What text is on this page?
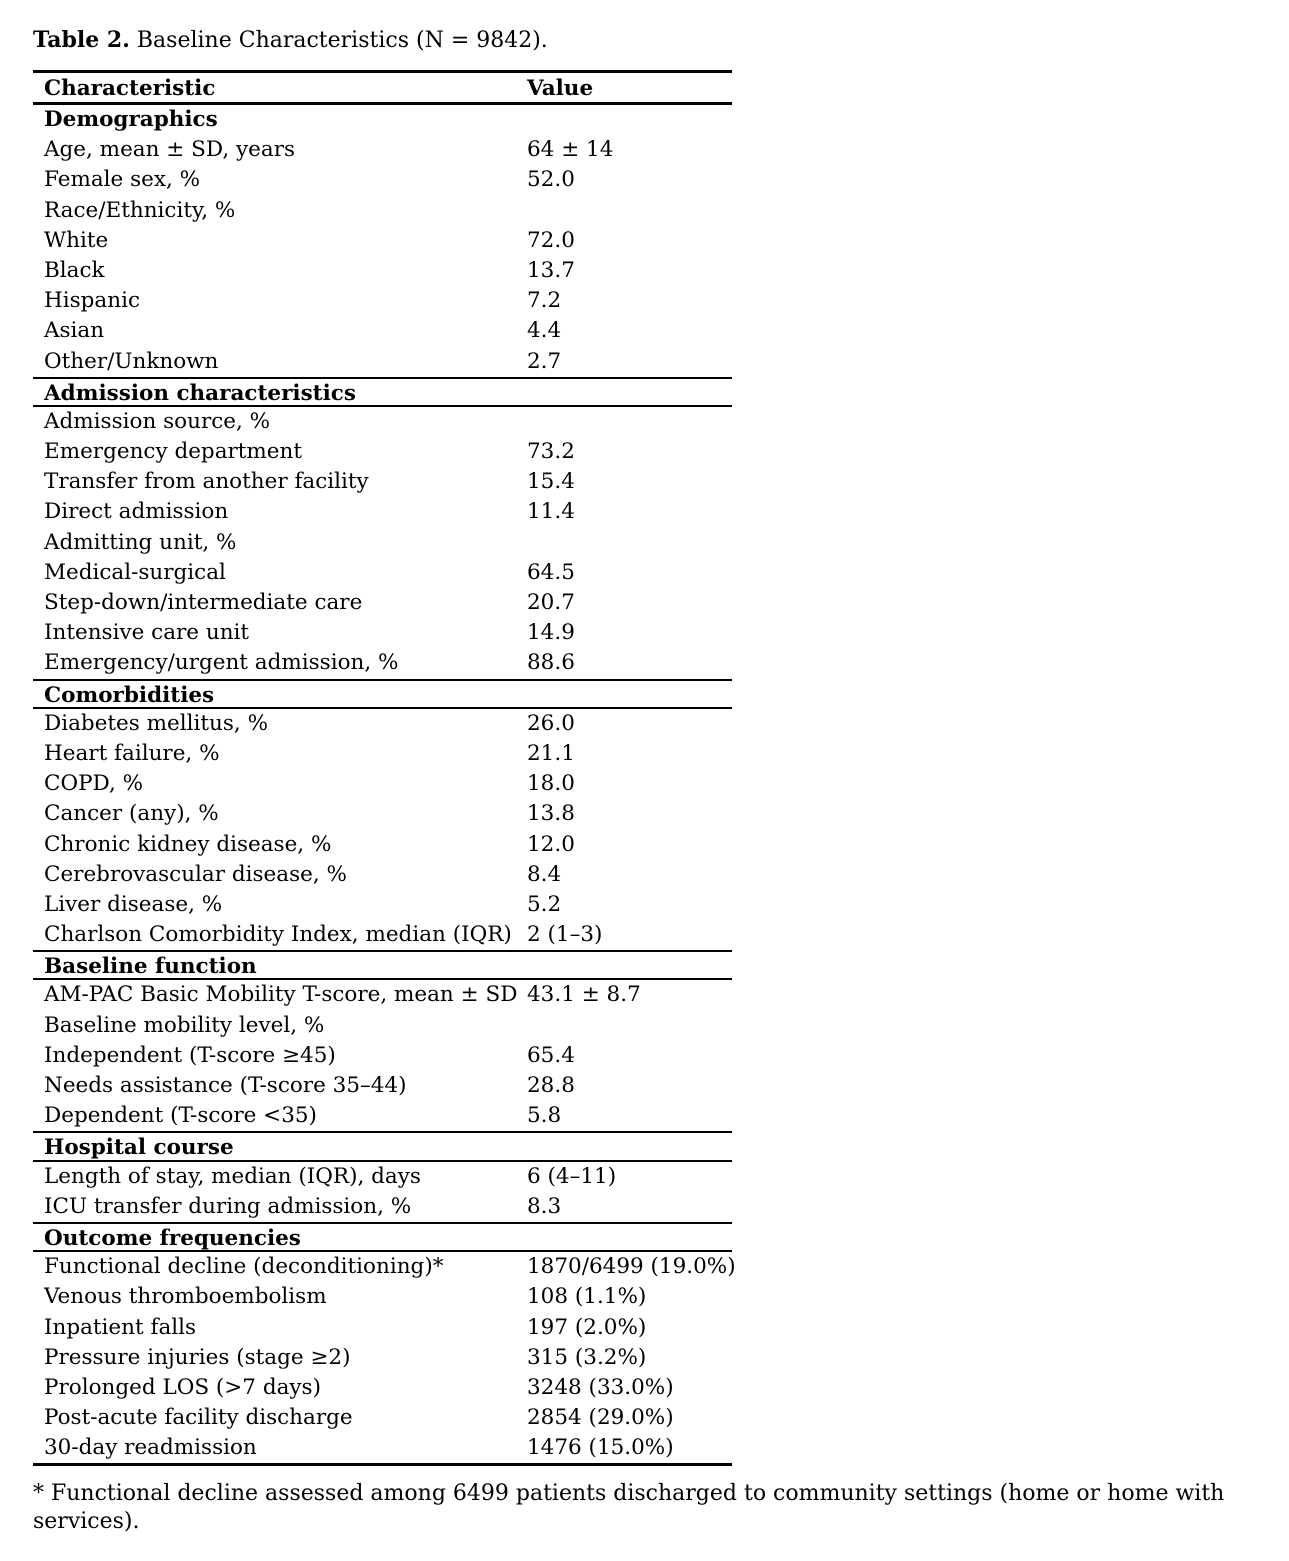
Table 2. Baseline Characteristics (N = 9842).

Characteristic	Value
Demographics
Age, mean ± SD, years	64 ± 14
Female sex, %	52.0
Race/Ethnicity, %
White	72.0
Black	13.7
Hispanic	7.2
Asian	4.4
Other/Unknown	2.7
Admission characteristics
Admission source, %
Emergency department	73.2
Transfer from another facility	15.4
Direct admission	11.4
Admitting unit, %
Medical-surgical	64.5
Step-down/intermediate care	20.7
Intensive care unit	14.9
Emergency/urgent admission, %	88.6
Comorbidities
Diabetes mellitus, %	26.0
Heart failure, %	21.1
COPD, %	18.0
Cancer (any), %	13.8
Chronic kidney disease, %	12.0
Cerebrovascular disease, %	8.4
Liver disease, %	5.2
Charlson Comorbidity Index, median (IQR) 2 (1–3)
Baseline function
AM-PAC Basic Mobility T-score, mean ± SD 43.1 ± 8.7
Baseline mobility level, %
Independent (T-score ≥45)	65.4
Needs assistance (T-score 35–44)	28.8
Dependent (T-score <35)	5.8
Hospital course
Length of stay, median (IQR), days	6 (4–11)
ICU transfer during admission, %	8.3
Outcome frequencies
Functional decline (deconditioning)*	1870/6499 (19.0%)
Venous thromboembolism	108 (1.1%)
Inpatient falls	197 (2.0%)
Pressure injuries (stage ≥2)	315 (3.2%)
Prolonged LOS (>7 days)	3248 (33.0%)
Post-acute facility discharge	2854 (29.0%)
30-day readmission	1476 (15.0%)

* Functional decline assessed among 6499 patients discharged to community settings (home or home with services).
